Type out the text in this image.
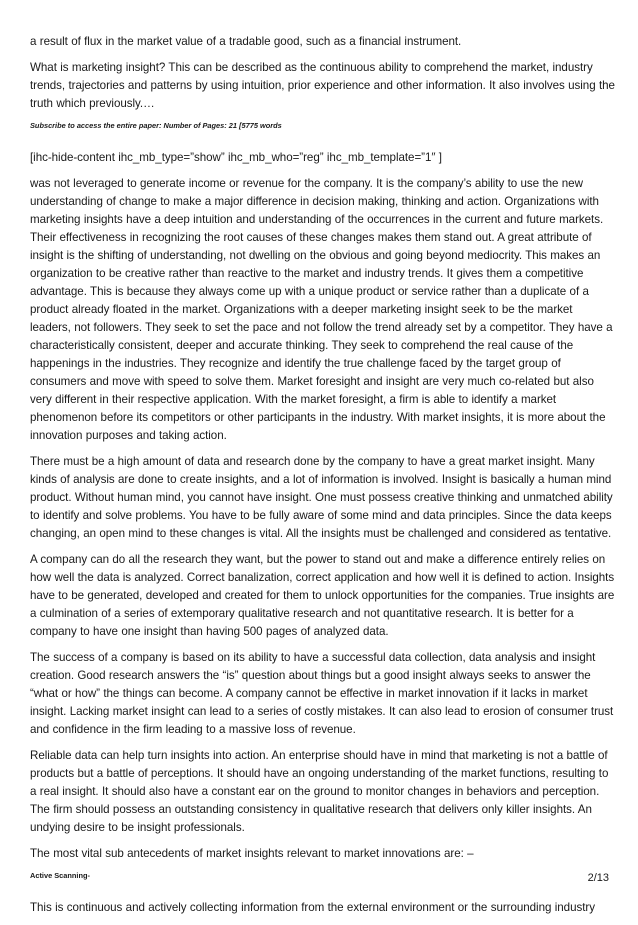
a result of flux in the market value of a tradable good, such as a financial instrument.

What is marketing insight? This can be described as the continuous ability to comprehend the market, industry trends, trajectories and patterns by using intuition, prior experience and other information. It also involves using the truth which previously.…

Subscribe to access the entire paper: Number of Pages: 21 [5775 words

[ihc-hide-content ihc_mb_type=”show” ihc_mb_who=”reg” ihc_mb_template=”1″ ]

was not leveraged to generate income or revenue for the company. It is the company’s ability to use the new understanding of change to make a major difference in decision making, thinking and action. Organizations with marketing insights have a deep intuition and understanding of the occurrences in the current and future markets. Their effectiveness in recognizing the root causes of these changes makes them stand out. A great attribute of insight is the shifting of understanding, not dwelling on the obvious and going beyond mediocrity. This makes an organization to be creative rather than reactive to the market and industry trends. It gives them a competitive advantage. This is because they always come up with a unique product or service rather than a duplicate of a product already floated in the market. Organizations with a deeper marketing insight seek to be the market leaders, not followers. They seek to set the pace and not follow the trend already set by a competitor. They have a characteristically consistent, deeper and accurate thinking. They seek to comprehend the real cause of the happenings in the industries. They recognize and identify the true challenge faced by the target group of consumers and move with speed to solve them. Market foresight and insight are very much co-related but also very different in their respective application. With the market foresight, a firm is able to identify a market phenomenon before its competitors or other participants in the industry. With market insights, it is more about the innovation purposes and taking action.

There must be a high amount of data and research done by the company to have a great market insight. Many kinds of analysis are done to create insights, and a lot of information is involved. Insight is basically a human mind product. Without human mind, you cannot have insight. One must possess creative thinking and unmatched ability to identify and solve problems. You have to be fully aware of some mind and data principles. Since the data keeps changing, an open mind to these changes is vital. All the insights must be challenged and considered as tentative.

A company can do all the research they want, but the power to stand out and make a difference entirely relies on how well the data is analyzed. Correct banalization, correct application and how well it is defined to action. Insights have to be generated, developed and created for them to unlock opportunities for the companies. True insights are a culmination of a series of extemporary qualitative research and not quantitative research. It is better for a company to have one insight than having 500 pages of analyzed data.

The success of a company is based on its ability to have a successful data collection, data analysis and insight creation. Good research answers the “is” question about things but a good insight always seeks to answer the “what or how” the things can become. A company cannot be effective in market innovation if it lacks in market insight. Lacking market insight can lead to a series of costly mistakes. It can also lead to erosion of consumer trust and confidence in the firm leading to a massive loss of revenue.

Reliable data can help turn insights into action. An enterprise should have in mind that marketing is not a battle of products but a battle of perceptions. It should have an ongoing understanding of the market functions, resulting to a real insight. It should also have a constant ear on the ground to monitor changes in behaviors and perception. The firm should possess an outstanding consistency in qualitative research that delivers only killer insights. An undying desire to be insight professionals.

The most vital sub antecedents of market insights relevant to market innovations are: –

Active Scanning-

This is continuous and actively collecting information from the external environment or the surrounding industry

2/13
